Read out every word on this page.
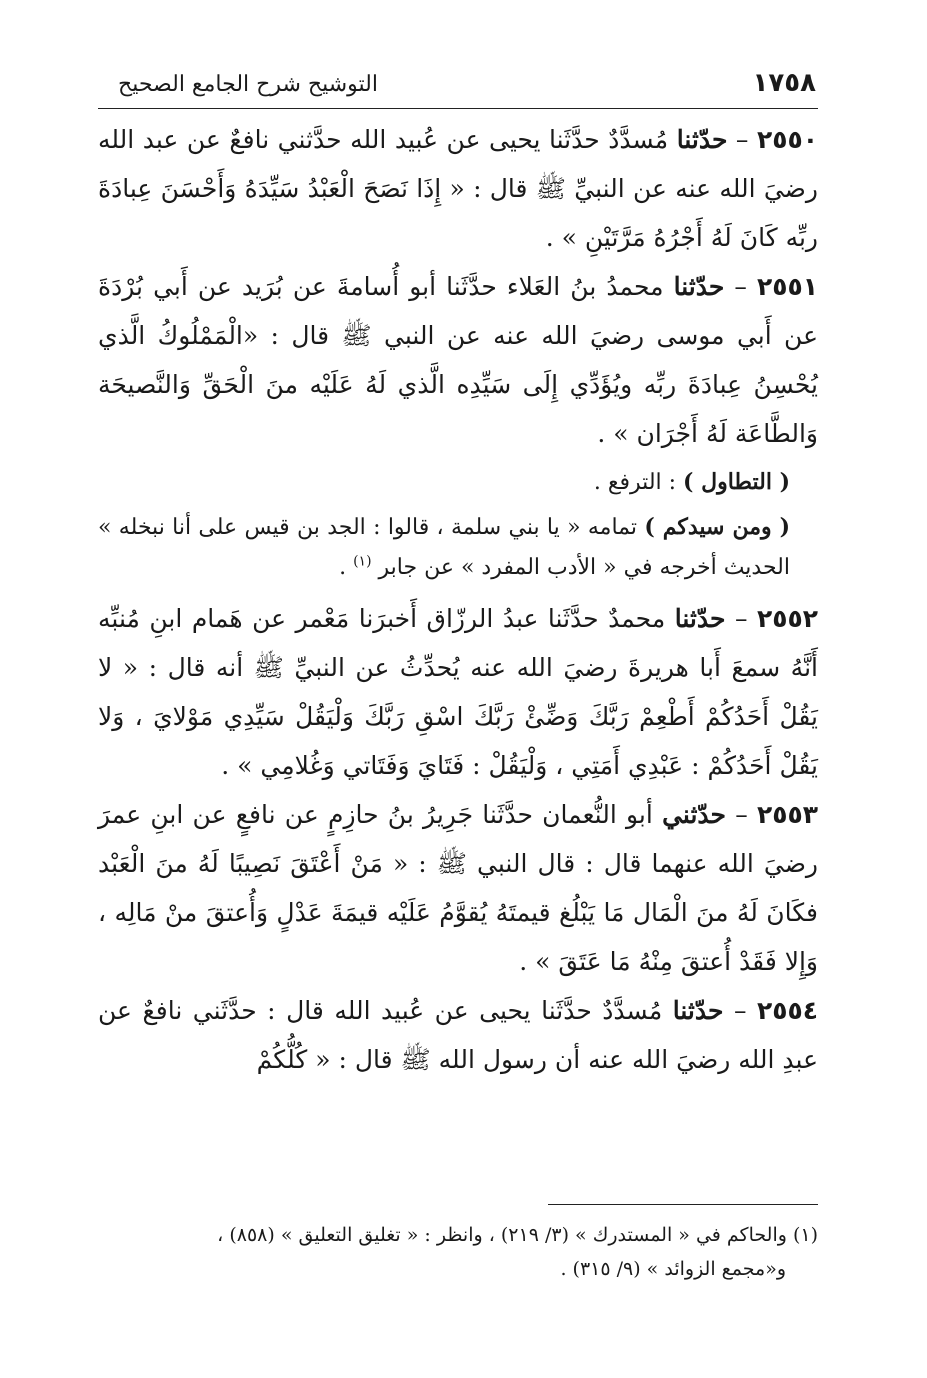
١٧٥٨
التوشيح شرح الجامع الصحيح

٢٥٥٠ – حدّثنا مُسدَّدٌ حدَّثَنا يحيى عن عُبيد الله حدَّثني نافعٌ عن عبد الله رضيَ الله عنه عن النبيِّ ﷺ قال : « إِذَا نَصَحَ الْعَبْدُ سَيِّدَهُ وَأَحْسَنَ عِبادَةَ ربِّه كَانَ لَهُ أَجْرُهُ مَرَّتَيْنِ » .

٢٥٥١ – حدّثنا محمدُ بنُ العَلاء حدَّثَنا أبو أُسامةَ عن بُرَيد عن أَبي بُرْدَةَ عن أَبي موسى رضيَ الله عنه عن النبي ﷺ قال : «الْمَمْلُوكُ الَّذي يُحْسِنُ عِبادَةَ ربِّه ويُؤَدِّي إِلَى سَيِّدِه الَّذي لَهُ عَلَيْه منَ الْحَقِّ وَالنَّصيحَة وَالطَّاعَة لَهُ أَجْرَان » .

( التطاول ) : الترفع .

( ومن سيدكم ) تمامه « يا بني سلمة ، قالوا : الجد بن قيس على أنا نبخله » الحديث أخرجه في « الأدب المفرد » عن جابر $^{(١)}$ .

٢٥٥٢ – حدّثنا محمدٌ حدَّثَنا عبدُ الرزّاق أَخبرَنا مَعْمر عن هَمام ابنِ مُنبِّه أَنَّهُ سمعَ أَبا هريرةَ رضيَ الله عنه يُحدِّثُ عن النبيِّ ﷺ أنه قال : « لا يَقُلْ أَحَدُكُمْ أَطْعِمْ رَبَّكَ وَضِّئْ رَبَّكَ اسْقِ رَبَّكَ وَلْيَقُلْ سَيِّدِي مَوْلايَ ، وَلا يَقُلْ أَحَدُكُمْ : عَبْدِي أَمَتِي ، وَلْيَقُلْ : فَتَايَ وَفَتَاتي وَغُلامِي » .

٢٥٥٣ – حدّثني أبو النُّعمان حدَّثَنا جَرِيرُ بنُ حازِمٍ عن نافعٍ عن ابنِ عمرَ رضيَ الله عنهما قال : قال النبي ﷺ : « مَنْ أَعْتَقَ نَصِيبًا لَهُ منَ الْعَبْد فكَانَ لَهُ منَ الْمَال مَا يَبْلُغ قيمتَهُ يُقوَّمُ عَلَيْه قيمَةَ عَدْلٍ وَأُعتقَ منْ مَالِه ، وَإِلا فَقَدْ أُعتقَ مِنْهُ مَا عَتَقَ » .

٢٥٥٤ – حدّثنا مُسدَّدٌ حدَّثَنا يحيى عن عُبيد الله قال : حدَّثَني نافعٌ عن عبدِ الله رضيَ الله عنه أن رسول الله ﷺ قال : « كُلُّكُمْ

(١) والحاكم في « المستدرك » (٣/ ٢١٩) ، وانظر : « تغليق التعليق » (٨٥٨) ،

و«مجمع الزوائد » (٩/ ٣١٥) .
